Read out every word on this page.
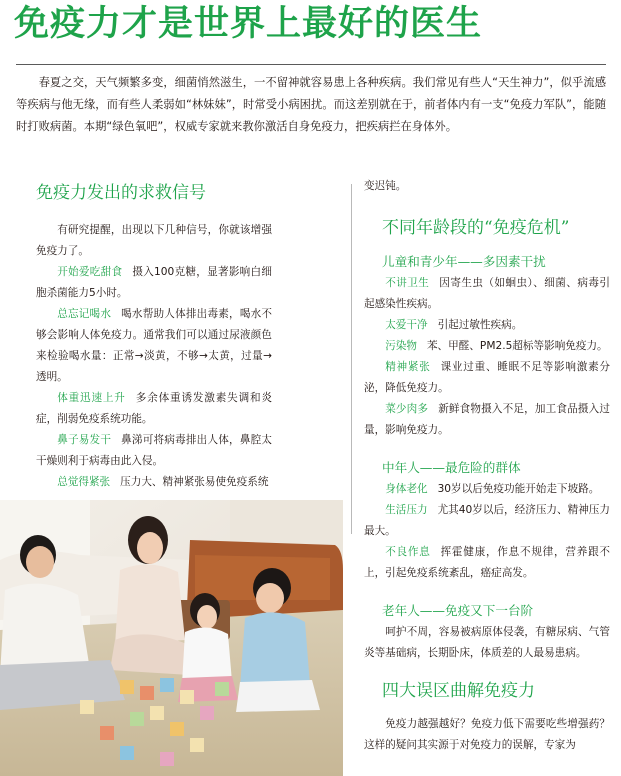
免疫力才是世界上最好的医生

春夏之交，天气频繁多变，细菌悄然滋生，一不留神就容易患上各种疾病。我们常见有些人“天生神力”，似乎流感等疾病与他无缘，而有些人柔弱如“林妹妹”，时常受小病困扰。而这差别就在于，前者体内有一支“免疫力军队”，能随时打败病菌。本期“绿色氧吧”，权威专家就来教你激活自身免疫力，把疾病拦在身体外。

免疫力发出的求救信号

有研究提醒，出现以下几种信号，你就该增强免疫力了。

开始爱吃甜食 摄入100克糖，显著影响白细胞杀菌能力5小时。

总忘记喝水 喝水帮助人体排出毒素，喝水不够会影响人体免疫力。通常我们可以通过尿液颜色来检验喝水量：正常→淡黄，不够→太黄，过量→透明。

体重迅速上升 多余体重诱发激素失调和炎症，削弱免疫系统功能。

鼻子易发干 鼻涕可将病毒排出人体，鼻腔太干燥则利于病毒由此入侵。

总觉得紧张 压力大、精神紧张易使免疫系统

变迟钝。

不同年龄段的“免疫危机”
儿童和青少年——多因素干扰

不讲卫生 因寄生虫（如蛔虫）、细菌、病毒引起感染性疾病。

太爱干净 引起过敏性疾病。

污染物 苯、甲醛、PM2.5超标等影响免疫力。

精神紧张 课业过重、睡眠不足等影响激素分泌，降低免疫力。

菜少肉多 新鲜食物摄入不足，加工食品摄入过量，影响免疫力。

中年人——最危险的群体

身体老化 30岁以后免疫功能开始走下坡路。

生活压力 尤其40岁以后，经济压力、精神压力最大。

不良作息 挥霍健康，作息不规律，营养跟不上，引起免疫系统紊乱，癌症高发。

老年人——免疫又下一台阶

呵护不周，容易被病原体侵袭，有糖尿病、气管炎等基础病，长期卧床，体质差的人最易患病。

四大误区曲解免疫力

免疫力越强越好？免疫力低下需要吃些增强药？这样的疑问其实源于对免疫力的误解，专家为
